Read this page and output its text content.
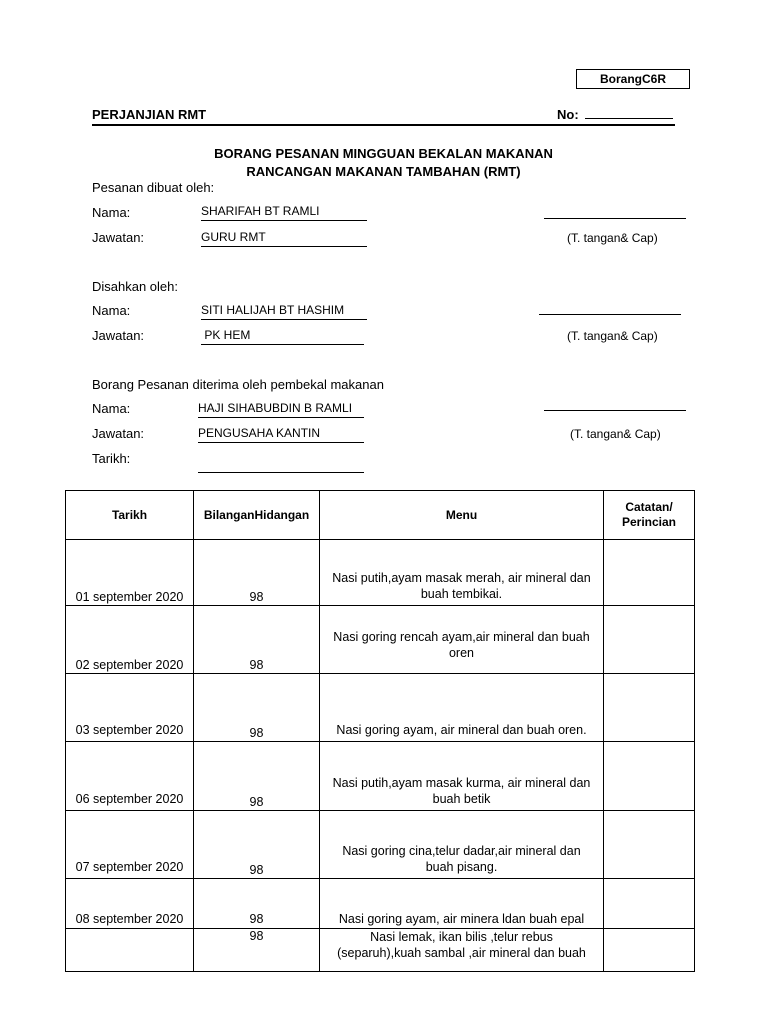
BorangC6R
PERJANJIAN RMT	No:
BORANG PESANAN MINGGUAN BEKALAN MAKANAN
RANCANGAN MAKANAN TAMBAHAN (RMT)
Pesanan dibuat oleh:
Nama:	SHARIFAH BT RAMLI
Jawatan:	GURU RMT	(T. tangan& Cap)
Disahkan oleh:
Nama:	SITI HALIJAH BT HASHIM
Jawatan:	PK HEM	(T. tangan& Cap)
Borang Pesanan diterima oleh pembekal makanan
Nama:	HAJI SIHABUBDIN B RAMLI
Jawatan:	PENGUSAHA KANTIN	(T. tangan& Cap)
Tarikh:
Tarikh	BilanganHidangan	Menu	Catatan/
Perincian

01 september 2020	98	Nasi putih,ayam masak merah, air mineral dan
buah tembikai.	

02 september 2020	98	Nasi goring rencah ayam,air mineral dan buah
oren	

03 september 2020	98	Nasi goring ayam, air mineral dan buah oren.	

06 september 2020	98	Nasi putih,ayam masak kurma, air mineral dan
buah betik	

07 september 2020	98	Nasi goring cina,telur dadar,air mineral dan
buah pisang.	

08 september 2020	98	Nasi goring ayam, air minera ldan buah epal	

	98	Nasi lemak, ikan bilis ,telur rebus
(separuh),kuah sambal ,air mineral dan buah	
